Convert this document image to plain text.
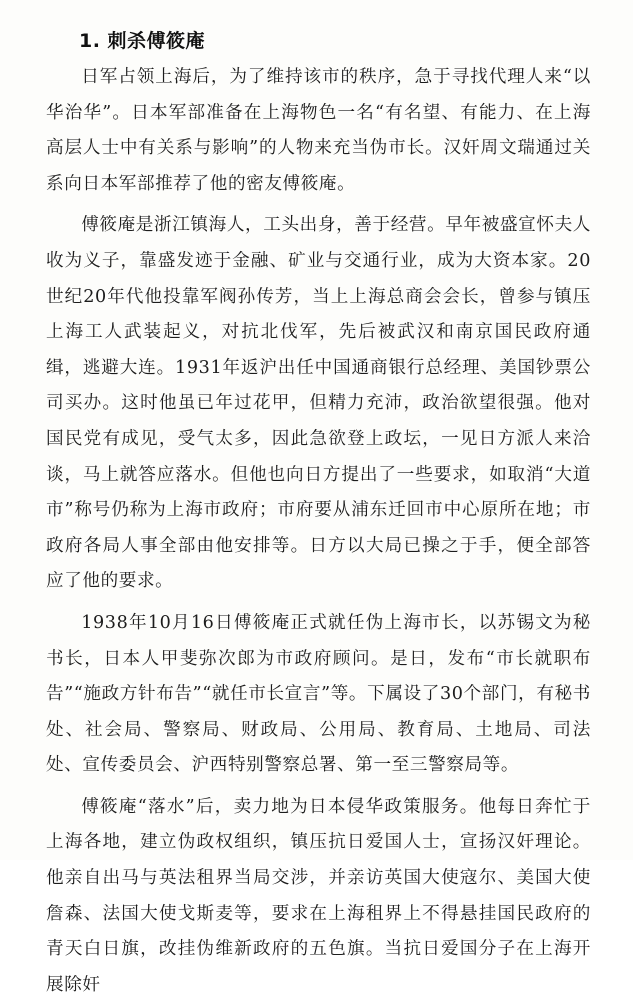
1. 刺杀傅筱庵

日军占领上海后，为了维持该市的秩序，急于寻找代理人来“以华治华”。日本军部准备在上海物色一名“有名望、有能力、在上海高层人士中有关系与影响”的人物来充当伪市长。汉奸周文瑞通过关系向日本军部推荐了他的密友傅筱庵。

傅筱庵是浙江镇海人，工头出身，善于经营。早年被盛宣怀夫人收为义子，靠盛发迹于金融、矿业与交通行业，成为大资本家。20世纪20年代他投靠军阀孙传芳，当上上海总商会会长，曾参与镇压上海工人武装起义，对抗北伐军，先后被武汉和南京国民政府通缉，逃避大连。1931年返沪出任中国通商银行总经理、美国钞票公司买办。这时他虽已年过花甲，但精力充沛，政治欲望很强。他对国民党有成见，受气太多，因此急欲登上政坛，一见日方派人来洽谈，马上就答应落水。但他也向日方提出了一些要求，如取消“大道市”称号仍称为上海市政府；市府要从浦东迁回市中心原所在地；市政府各局人事全部由他安排等。日方以大局已操之于手，便全部答应了他的要求。

1938年10月16日傅筱庵正式就任伪上海市长，以苏锡文为秘书长，日本人甲斐弥次郎为市政府顾问。是日，发布“市长就职布告”“施政方针布告”“就任市长宣言”等。下属设了30个部门，有秘书处、社会局、警察局、财政局、公用局、教育局、土地局、司法处、宣传委员会、沪西特别警察总署、第一至三警察局等。

傅筱庵“落水”后，卖力地为日本侵华政策服务。他每日奔忙于上海各地，建立伪政权组织，镇压抗日爱国人士，宣扬汉奸理论。他亲自出马与英法租界当局交涉，并亲访英国大使寇尔、美国大使詹森、法国大使戈斯麦等，要求在上海租界上不得悬挂国民政府的青天白日旗，改挂伪维新政府的五色旗。当抗日爱国分子在上海开展除奸
